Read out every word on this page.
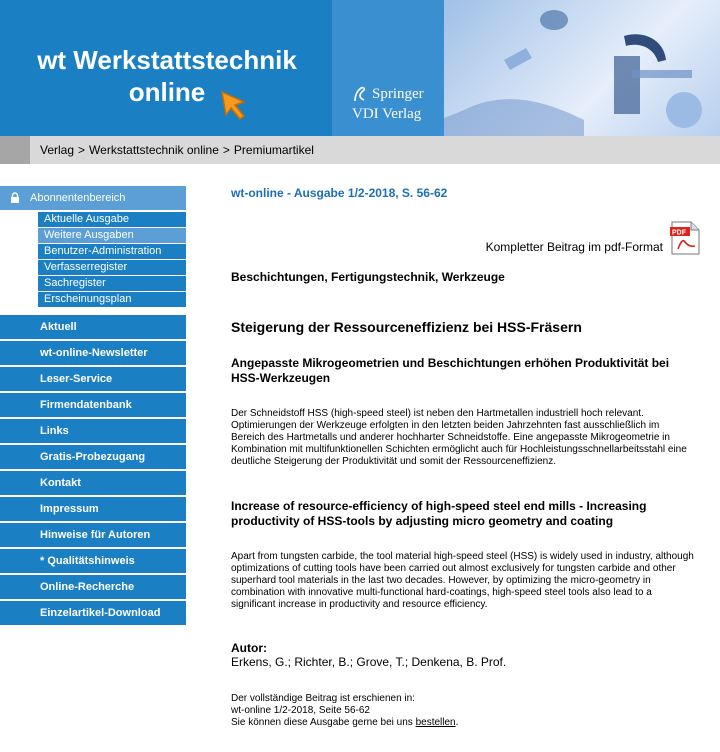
wt Werkstattstechnik
online	Springer
VDI Verlag
Verlag > Werkstattstechnik online > Premiumartikel
Abonnentenbereich
Aktuelle Ausgabe
Weitere Ausgaben
Benutzer-Administration
Verfasserregister
Sachregister
Erscheinungsplan
Aktuell
wt-online-Newsletter
Leser-Service
Firmendatenbank
Links
Gratis-Probezugang
Kontakt
Impressum
Hinweise für Autoren
* Qualitätshinweis
Online-Recherche
Einzelartikel-Download
wt-online - Ausgabe 1/2-2018, S. 56-62
Kompletter Beitrag im pdf-Format
PDF
Beschichtungen, Fertigungstechnik, Werkzeuge
Steigerung der Ressourceneffizienz bei HSS-Fräsern
Angepasste Mikrogeometrien und Beschichtungen erhöhen Produktivität bei HSS-Werkzeugen
Der Schneidstoff HSS (high-speed steel) ist neben den Hartmetallen industriell hoch relevant. Optimierungen der Werkzeuge erfolgten in den letzten beiden Jahrzehnten fast ausschließlich im Bereich des Hartmetalls und anderer hochharter Schneidstoffe. Eine angepasste Mikrogeometrie in Kombination mit multifunktionellen Schichten ermöglicht auch für Hochleistungsschnellarbeitsstahl eine deutliche Steigerung der Produktivität und somit der Ressourceneffizienz.
Increase of resource-efficiency of high-speed steel end mills - Increasing productivity of HSS-tools by adjusting micro geometry and coating
Apart from tungsten carbide, the tool material high-speed steel (HSS) is widely used in industry, although optimizations of cutting tools have been carried out almost exclusively for tungsten carbide and other superhard tool materials in the last two decades. However, by optimizing the micro-geometry in combination with innovative multi-functional hard-coatings, high-speed steel tools also lead to a significant increase in productivity and resource efficiency.
Autor:
Erkens, G.; Richter, B.; Grove, T.; Denkena, B. Prof.
Der vollständige Beitrag ist erschienen in:
wt-online 1/2-2018, Seite 56-62
Sie können diese Ausgabe gerne bei uns bestellen.
